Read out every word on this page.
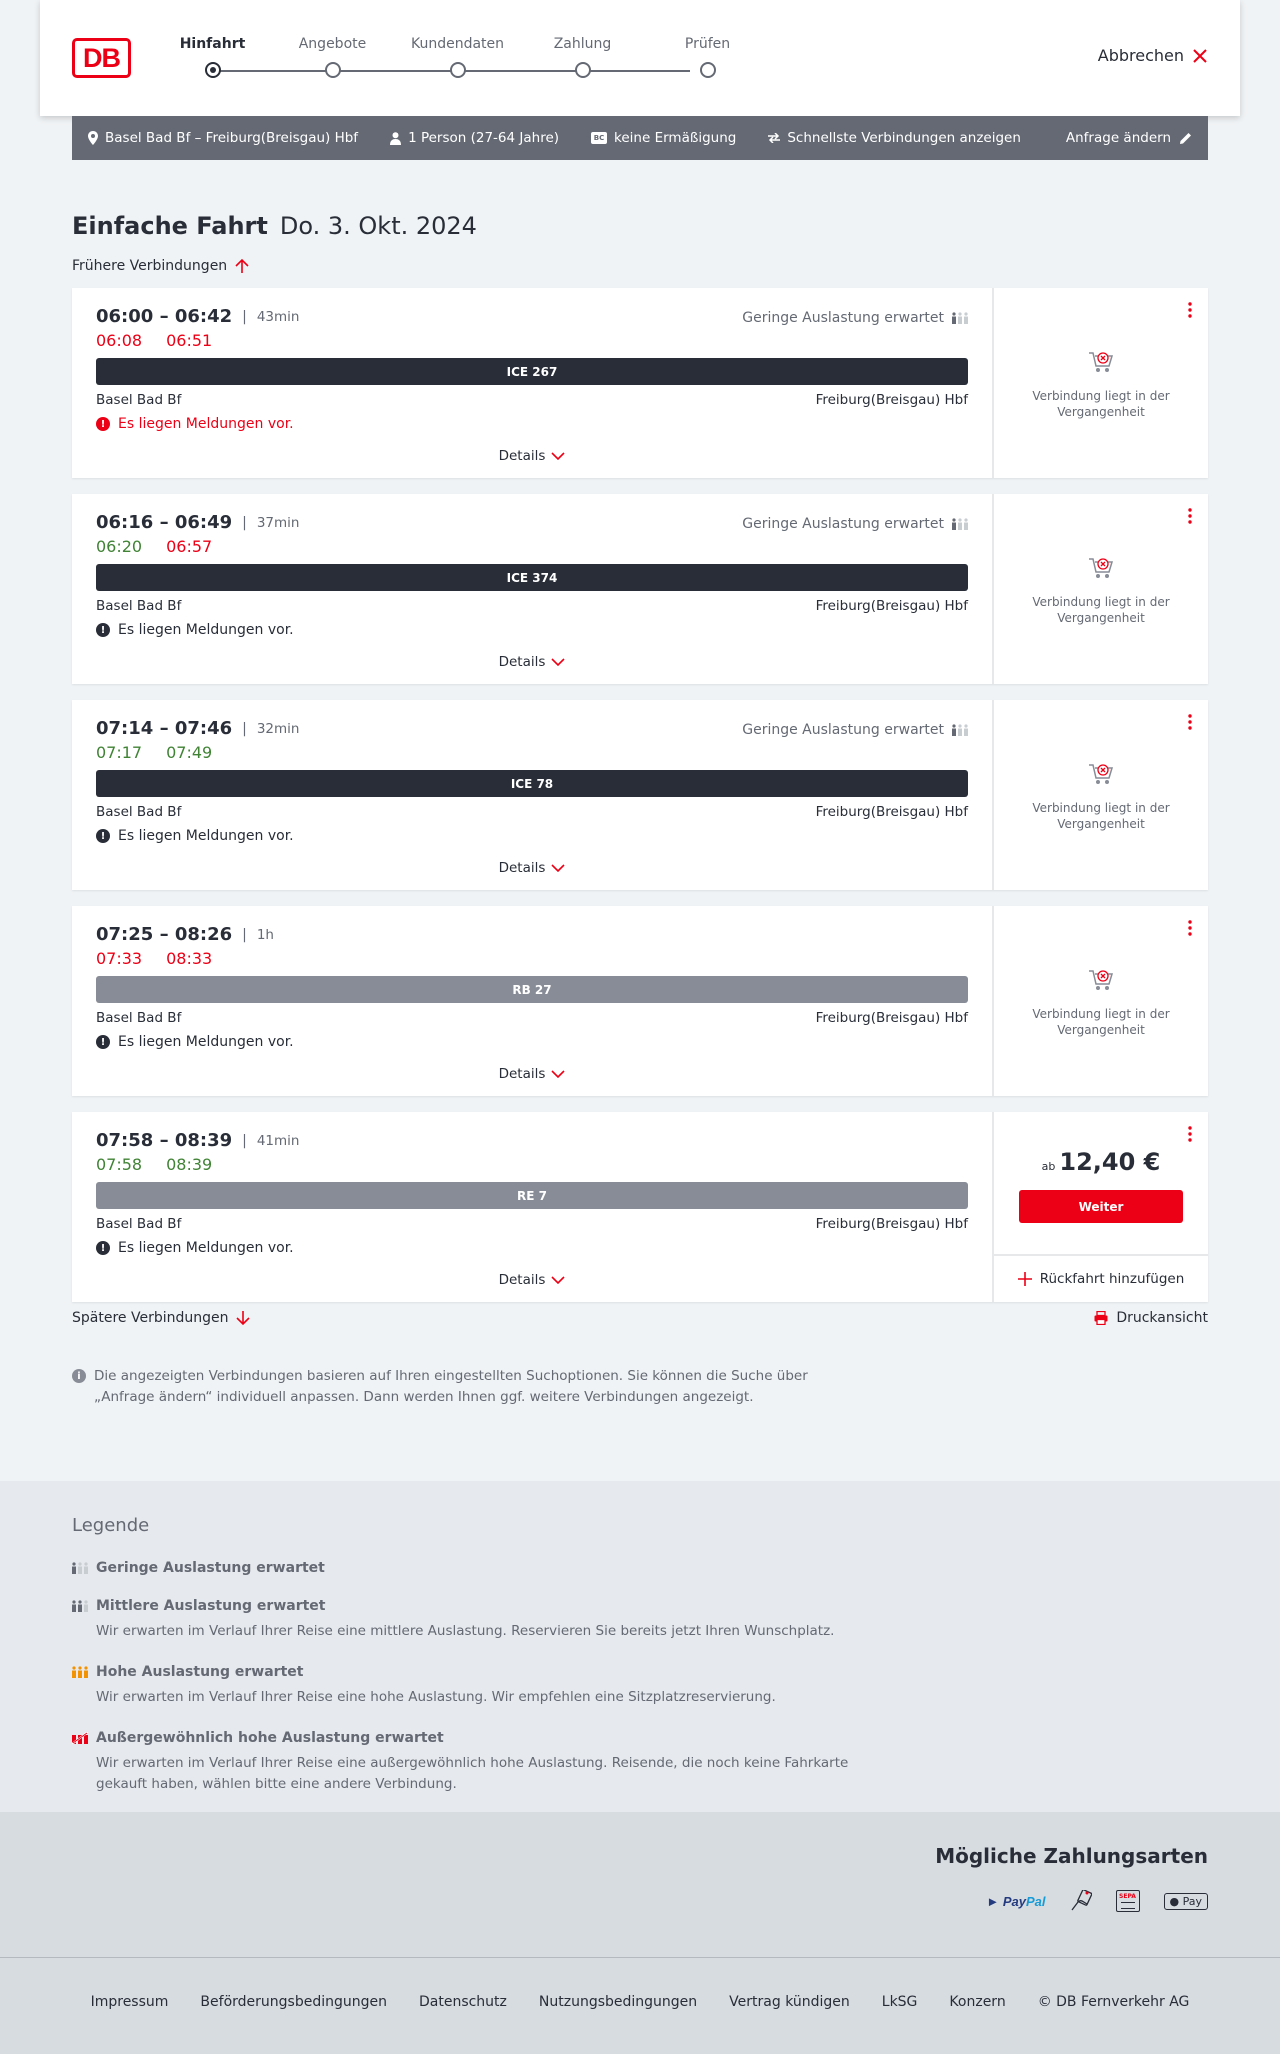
DB	Hinfahrt	Angebote	Kundendaten	Zahlung	Prüfen
Abbrechen
Basel Bad Bf – Freiburg(Breisgau) Hbf	1 Person (27-64 Jahre)	BC keine Ermäßigung	Schnellste Verbindungen anzeigen	Anfrage ändern
Einfache Fahrt Do. 3. Okt. 2024
Frühere Verbindungen
06:00 – 06:42 | 43min	Geringe Auslastung erwartet
06:08 06:51
ICE 267
Basel Bad Bf	Freiburg(Breisgau) Hbf
! Es liegen Meldungen vor.
Details
Verbindung liegt in der Vergangenheit
06:16 – 06:49 | 37min	Geringe Auslastung erwartet
06:20 06:57
ICE 374
Basel Bad Bf	Freiburg(Breisgau) Hbf
! Es liegen Meldungen vor.
Details
Verbindung liegt in der Vergangenheit
07:14 – 07:46 | 32min	Geringe Auslastung erwartet
07:17 07:49
ICE 78
Basel Bad Bf	Freiburg(Breisgau) Hbf
! Es liegen Meldungen vor.
Details
Verbindung liegt in der Vergangenheit
07:25 – 08:26 | 1h
07:33 08:33
RB 27
Basel Bad Bf	Freiburg(Breisgau) Hbf
! Es liegen Meldungen vor.
Details
Verbindung liegt in der Vergangenheit
07:58 – 08:39 | 41min
07:58 08:39
RE 7
Basel Bad Bf	Freiburg(Breisgau) Hbf
! Es liegen Meldungen vor.
Details
ab 12,40 €
Weiter
Rückfahrt hinzufügen
Spätere Verbindungen	Druckansicht
i Die angezeigten Verbindungen basieren auf Ihren eingestellten Suchoptionen. Sie können die Suche über „Anfrage ändern“ individuell anpassen. Dann werden Ihnen ggf. weitere Verbindungen angezeigt.
Legende
Geringe Auslastung erwartet
Mittlere Auslastung erwartet
Wir erwarten im Verlauf Ihrer Reise eine mittlere Auslastung. Reservieren Sie bereits jetzt Ihren Wunschplatz.
Hohe Auslastung erwartet
Wir erwarten im Verlauf Ihrer Reise eine hohe Auslastung. Wir empfehlen eine Sitzplatzreservierung.
Außergewöhnlich hohe Auslastung erwartet
Wir erwarten im Verlauf Ihrer Reise eine außergewöhnlich hohe Auslastung. Reisende, die noch keine Fahrkarte gekauft haben, wählen bitte eine andere Verbindung.
Mögliche Zahlungsarten
► PayPal	SEPA	● Pay
Impressum Beförderungsbedingungen Datenschutz Nutzungsbedingungen Vertrag kündigen LkSG Konzern © DB Fernverkehr AG
